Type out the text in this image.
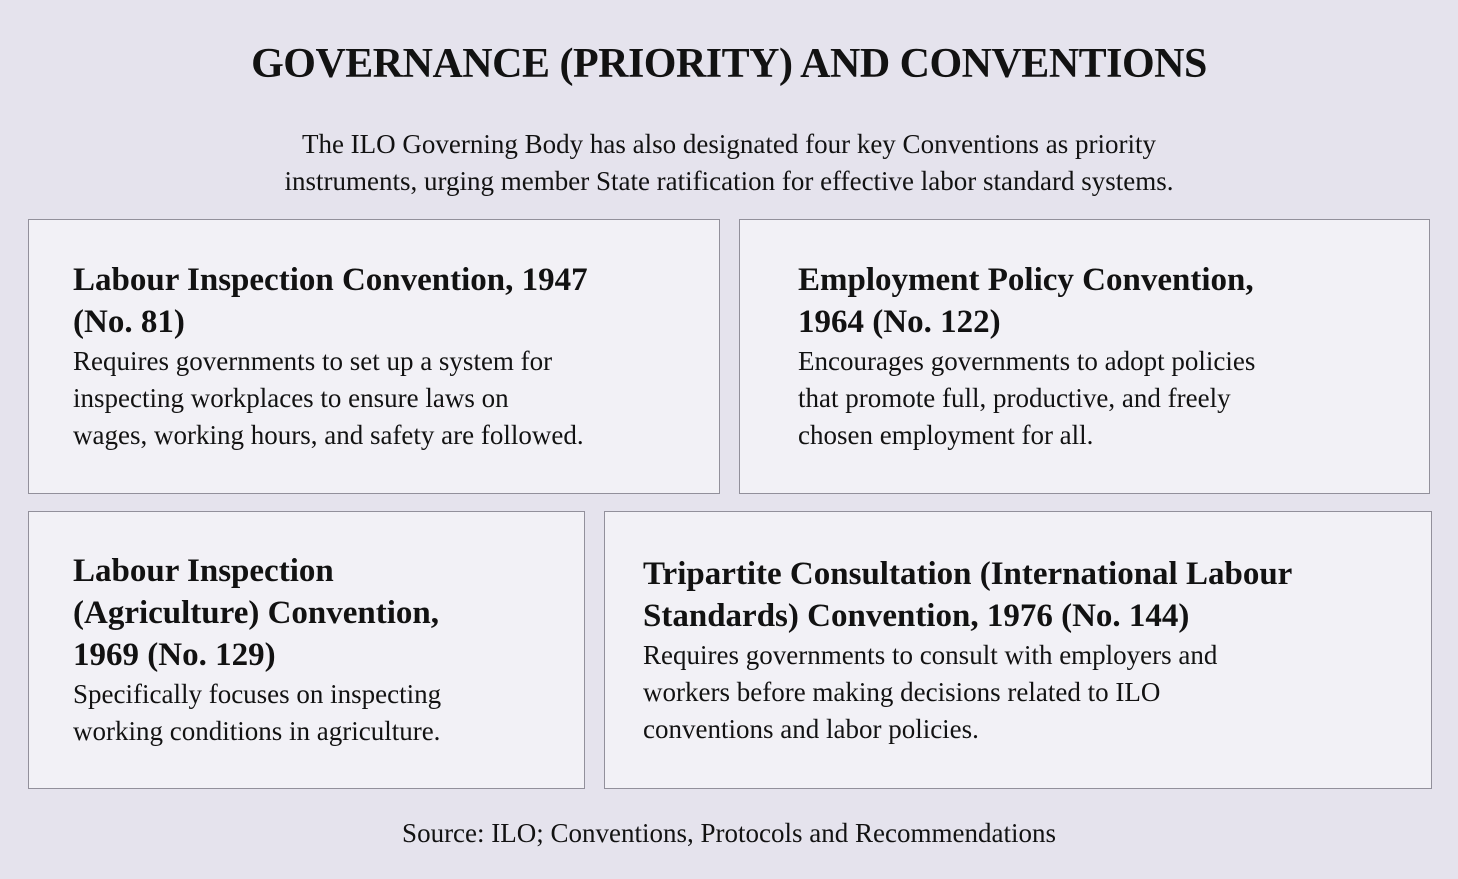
GOVERNANCE (PRIORITY) AND CONVENTIONS
The ILO Governing Body has also designated four key Conventions as priority
instruments, urging member State ratification for effective labor standard systems.
Labour Inspection Convention, 1947
(No. 81)

Requires governments to set up a system for
inspecting workplaces to ensure laws on
wages, working hours, and safety are followed.

Employment Policy Convention,
1964 (No. 122)

Encourages governments to adopt policies
that promote full, productive, and freely
chosen employment for all.

Labour Inspection
(Agriculture) Convention,
1969 (No. 129)

Specifically focuses on inspecting
working conditions in agriculture.

Tripartite Consultation (International Labour
Standards) Convention, 1976 (No. 144)

Requires governments to consult with employers and
workers before making decisions related to ILO
conventions and labor policies.

Source: ILO; Conventions, Protocols and Recommendations
